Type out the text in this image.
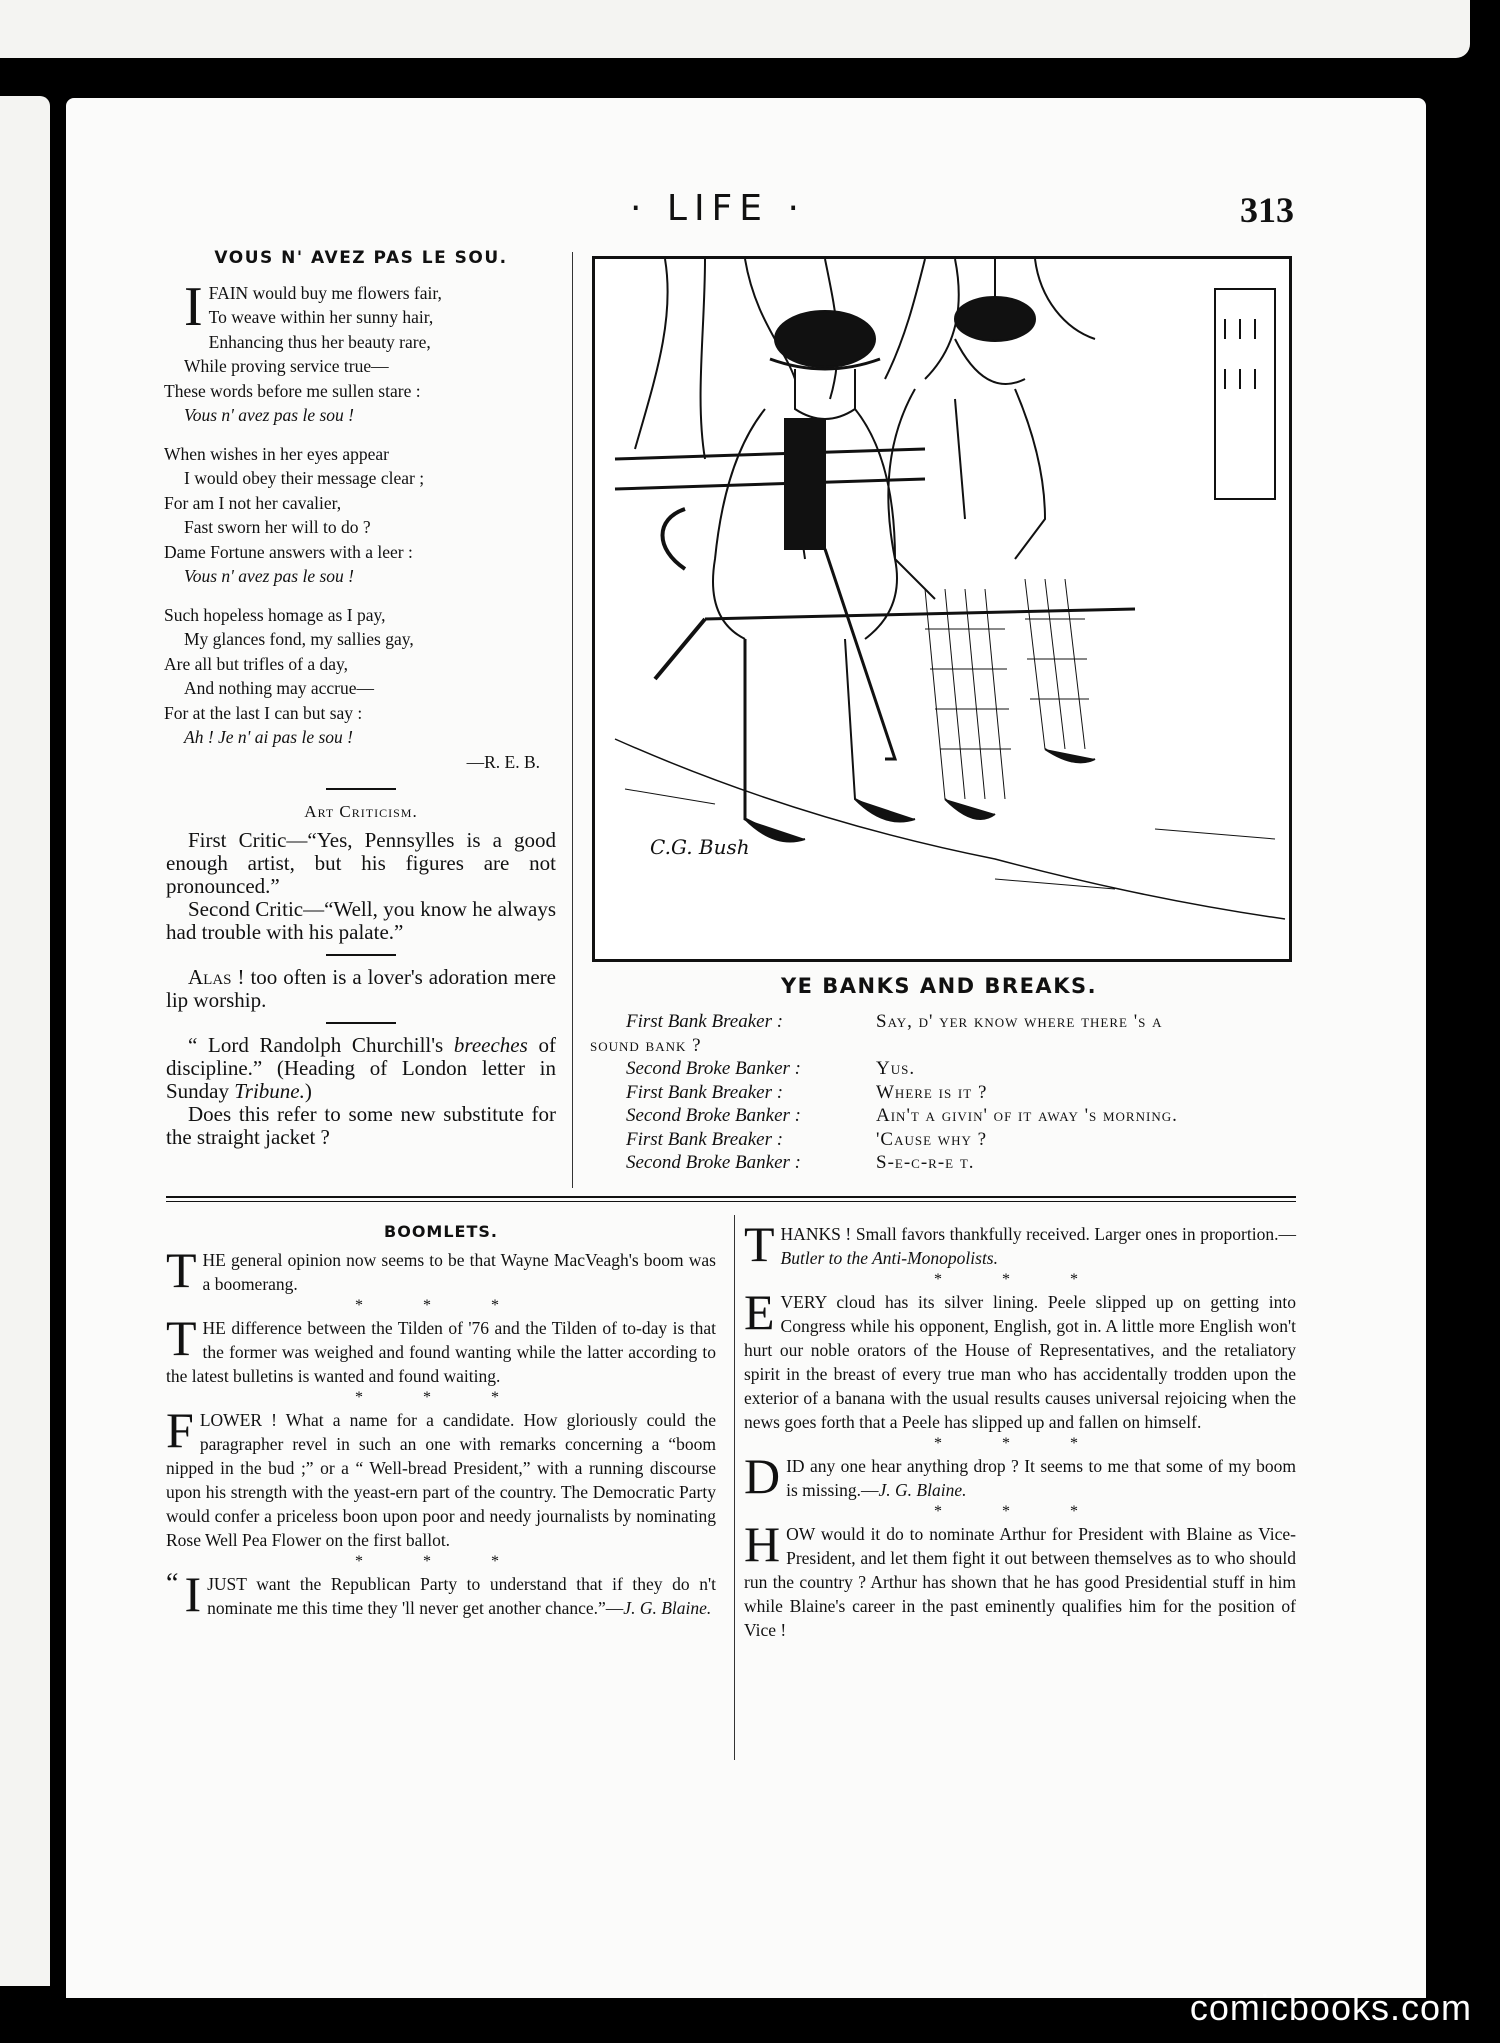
· LIFE ·	313
VOUS N' AVEZ PAS LE SOU.
I FAIN would buy me flowers fair,
To weave within her sunny hair,
Enhancing thus her beauty rare,
While proving service true—
These words before me sullen stare :
Vous n' avez pas le sou !
When wishes in her eyes appear
I would obey their message clear ;
For am I not her cavalier,
Fast sworn her will to do ?
Dame Fortune answers with a leer :
Vous n' avez pas le sou !
Such hopeless homage as I pay,
My glances fond, my sallies gay,
Are all but trifles of a day,
And nothing may accrue—
For at the last I can but say :
Ah ! Je n' ai pas le sou !
—R. E. B.
Art Criticism.
First Critic—“Yes, Pennsylles is a good enough artist, but his figures are not pronounced.”
Second Critic—“Well, you know he always had trouble with his palate.”
Alas ! too often is a lover's adoration mere lip worship.
“ Lord Randolph Churchill's breeches of discipline.” (Heading of London letter in Sunday Tribune.)
Does this refer to some new substitute for the straight jacket ?
C.G. Bush
YE BANKS AND BREAKS.
First Bank Breaker :	Say, d' yer know where there 's a
sound bank ?
Second Broke Banker :	Yus.
First Bank Breaker :	Where is it ?
Second Broke Banker :	Ain't a givin' of it away 's morning.
First Bank Breaker :	'Cause why ?
Second Broke Banker :	S-e-c-r-e t.
BOOMLETS.

THE general opinion now seems to be that Wayne MacVeagh's boom was a boomerang.

* * *

THE difference between the Tilden of '76 and the Tilden of to-day is that the former was weighed and found wanting while the latter according to the latest bulletins is wanted and found waiting.

* * *

FLOWER ! What a name for a candidate. How gloriously could the paragrapher revel in such an one with remarks concerning a “boom nipped in the bud ;” or a “ Well-bread President,” with a running discourse upon his strength with the yeast-ern part of the country. The Democratic Party would confer a priceless boon upon poor and needy journalists by nominating Rose Well Pea Flower on the first ballot.

* * *

“ I JUST want the Republican Party to understand that if they do n't nominate me this time they 'll never get another chance.”—J. G. Blaine.

THANKS ! Small favors thankfully received. Larger ones in proportion.—Butler to the Anti-Monopolists.

* * *

EVERY cloud has its silver lining. Peele slipped up on getting into Congress while his opponent, English, got in. A little more English won't hurt our noble orators of the House of Representatives, and the retaliatory spirit in the breast of every true man who has accidentally trodden upon the exterior of a banana with the usual results causes universal rejoicing when the news goes forth that a Peele has slipped up and fallen on himself.

* * *

DID any one hear anything drop ? It seems to me that some of my boom is missing.—J. G. Blaine.

* * *

HOW would it do to nominate Arthur for President with Blaine as Vice-President, and let them fight it out between themselves as to who should run the country ? Arthur has shown that he has good Presidential stuff in him while Blaine's career in the past eminently qualifies him for the position of Vice !

comicbooks.com
